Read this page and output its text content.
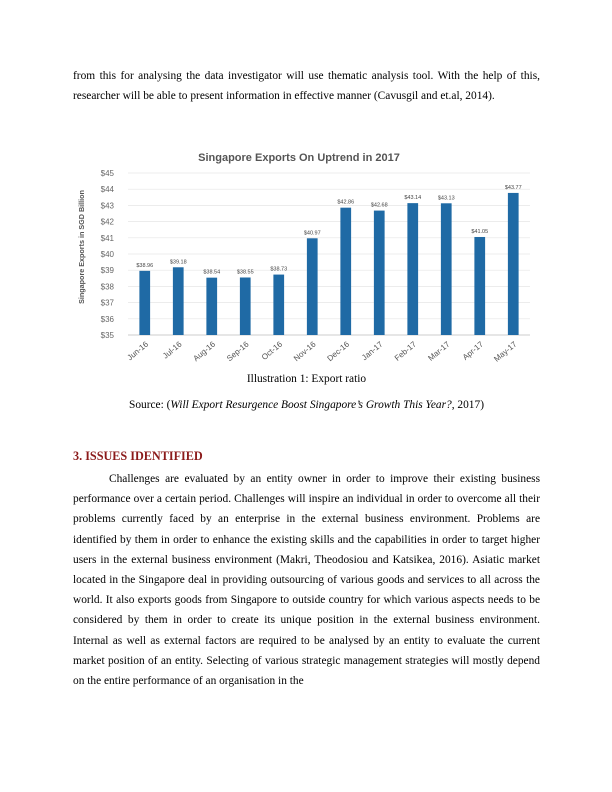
from this for analysing the data investigator will use thematic analysis tool. With the help of this, researcher will be able to present information in effective manner (Cavusgil and et.al, 2014).

Singapore Exports On Uptrend in 2017
Singapore Exports in SGD Billion
$35
$36
$37
$38
$39
$40
$41
$42
$43
$44
$45
$38.96
$39.18
$38.54	$38.55	$38.73
$40.97
$42.86	$42.68
$43.14	$43.13
$41.05
$43.77
Jun-16 Jul-16 Aug-16 Sep-16 Oct-16 Nov-16 Dec-16 Jan-17 Feb-17 Mar-17 Apr-17 May-17

Illustration 1: Export ratio

Source: (Will Export Resurgence Boost Singapore’s Growth This Year?, 2017)

3. ISSUES IDENTIFIED

Challenges are evaluated by an entity owner in order to improve their existing business performance over a certain period. Challenges will inspire an individual in order to overcome all their problems currently faced by an enterprise in the external business environment. Problems are identified by them in order to enhance the existing skills and the capabilities in order to target higher users in the external business environment (Makri, Theodosiou and Katsikea, 2016). Asiatic market located in the Singapore deal in providing outsourcing of various goods and services to all across the world. It also exports goods from Singapore to outside country for which various aspects needs to be considered by them in order to create its unique position in the external business environment. Internal as well as external factors are required to be analysed by an entity to evaluate the current market position of an entity. Selecting of various strategic management strategies will mostly depend on the entire performance of an organisation in the
